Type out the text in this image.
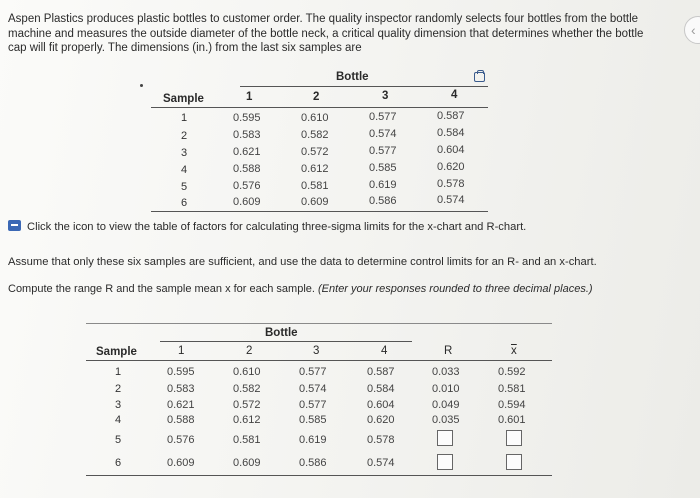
Aspen Plastics produces plastic bottles to customer order. The quality inspector randomly selects four bottles from the bottle machine and measures the outside diameter of the bottle neck, a critical quality dimension that determines whether the bottle cap will fit properly. The dimensions (in.) from the last six samples are
‹
Bottle
Sample	1	2	3	4
1	0.595	0.610	0.577	0.587
2	0.583	0.582	0.574	0.584
3	0.621	0.572	0.577	0.604
4	0.588	0.612	0.585	0.620
5	0.576	0.581	0.619	0.578
6	0.609	0.609	0.586	0.574
Click the icon to view the table of factors for calculating three-sigma limits for the x-chart and R-chart.
Assume that only these six samples are sufficient, and use the data to determine control limits for an R- and an x-chart.
Compute the range R and the sample mean x for each sample. (Enter your responses rounded to three decimal places.)
Bottle
Sample	1	2	3	4	R	$\overline{x}$
1	0.595	0.610	0.577	0.587	0.033	0.592
2	0.583	0.582	0.574	0.584	0.010	0.581
3	0.621	0.572	0.577	0.604	0.049	0.594
4	0.588	0.612	0.585	0.620	0.035	0.601
5	0.576	0.581	0.619	0.578
6	0.609	0.609	0.586	0.574
